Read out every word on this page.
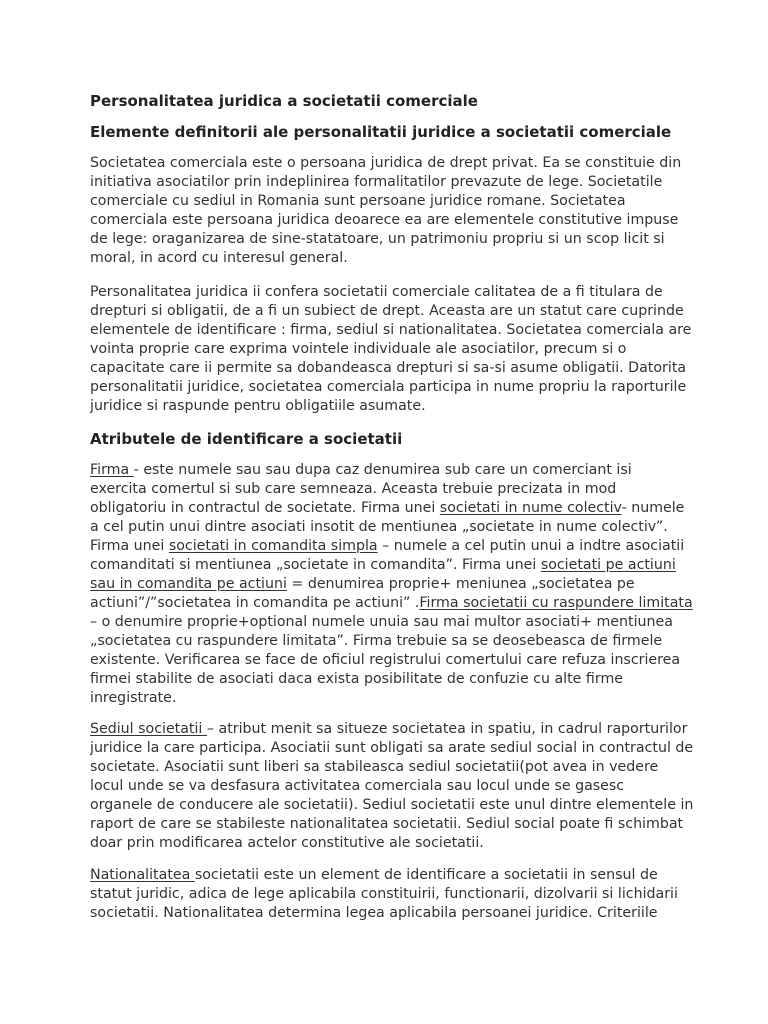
Personalitatea juridica a societatii comerciale
Elemente definitorii ale personalitatii juridice a societatii comerciale
Societatea comerciala este o persoana juridica de drept privat. Ea se constituie din
initiativa asociatilor prin indeplinirea formalitatilor prevazute de lege. Societatile
comerciale cu sediul in Romania sunt persoane juridice romane. Societatea
comerciala este persoana juridica deoarece ea are elementele constitutive impuse
de lege: oraganizarea de sine-statatoare, un patrimoniu propriu si un scop licit si
moral, in acord cu interesul general.
Personalitatea juridica ii confera societatii comerciale calitatea de a fi titulara de
drepturi si obligatii, de a fi un subiect de drept. Aceasta are un statut care cuprinde
elementele de identificare : firma, sediul si nationalitatea. Societatea comerciala are
vointa proprie care exprima vointele individuale ale asociatilor, precum si o
capacitate care ii permite sa dobandeasca drepturi si sa-si asume obligatii. Datorita
personalitatii juridice, societatea comerciala participa in nume propriu la raporturile
juridice si raspunde pentru obligatiile asumate.
Atributele de identificare a societatii
Firma - este numele sau sau dupa caz denumirea sub care un comerciant isi
exercita comertul si sub care semneaza. Aceasta trebuie precizata in mod
obligatoriu in contractul de societate. Firma unei societati in nume colectiv- numele
a cel putin unui dintre asociati insotit de mentiunea „societate in nume colectiv”.
Firma unei societati in comandita simpla – numele a cel putin unui a indtre asociatii
comanditati si mentiunea „societate in comandita”. Firma unei societati pe actiuni
sau in comandita pe actiuni = denumirea proprie+ meniunea „societatea pe
actiuni”/”societatea in comandita pe actiuni” .Firma societatii cu raspundere limitata
– o denumire proprie+optional numele unuia sau mai multor asociati+ mentiunea
„societatea cu raspundere limitata”. Firma trebuie sa se deosebeasca de firmele
existente. Verificarea se face de oficiul registrului comertului care refuza inscrierea
firmei stabilite de asociati daca exista posibilitate de confuzie cu alte firme
inregistrate.
Sediul societatii – atribut menit sa situeze societatea in spatiu, in cadrul raporturilor
juridice la care participa. Asociatii sunt obligati sa arate sediul social in contractul de
societate. Asociatii sunt liberi sa stabileasca sediul societatii(pot avea in vedere
locul unde se va desfasura activitatea comerciala sau locul unde se gasesc
organele de conducere ale societatii). Sediul societatii este unul dintre elementele in
raport de care se stabileste nationalitatea societatii. Sediul social poate fi schimbat
doar prin modificarea actelor constitutive ale societatii.
Nationalitatea societatii este un element de identificare a societatii in sensul de
statut juridic, adica de lege aplicabila constituirii, functionarii, dizolvarii si lichidarii
societatii. Nationalitatea determina legea aplicabila persoanei juridice. Criteriile
